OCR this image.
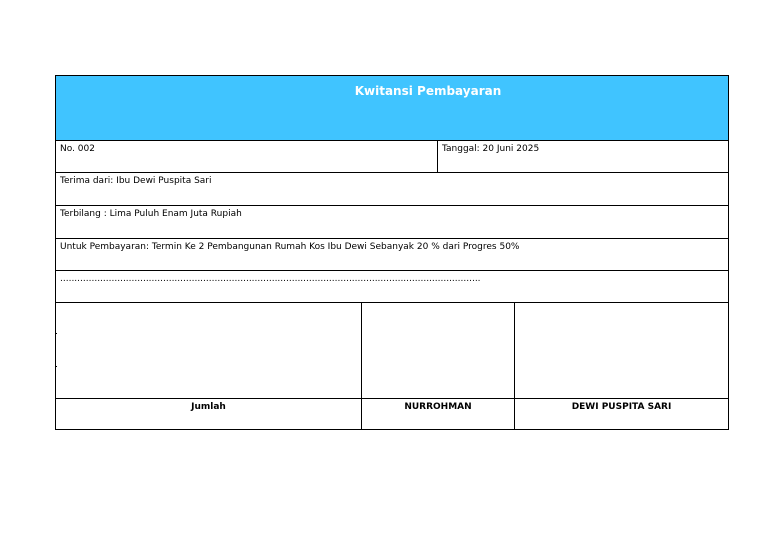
Kwitansi Pembayaran
No. 002	Tanggal: 20 Juni 2025
Terima dari: Ibu Dewi Puspita Sari
Terbilang : Lima Puluh Enam Juta Rupiah
Untuk Pembayaran: Termin Ke 2 Pembangunan Rumah Kos Ibu Dewi Sebanyak 20 % dari Progres 50%
...................................................................................................................................................
Jumlah	NURROHMAN	DEWI PUSPITA SARI
